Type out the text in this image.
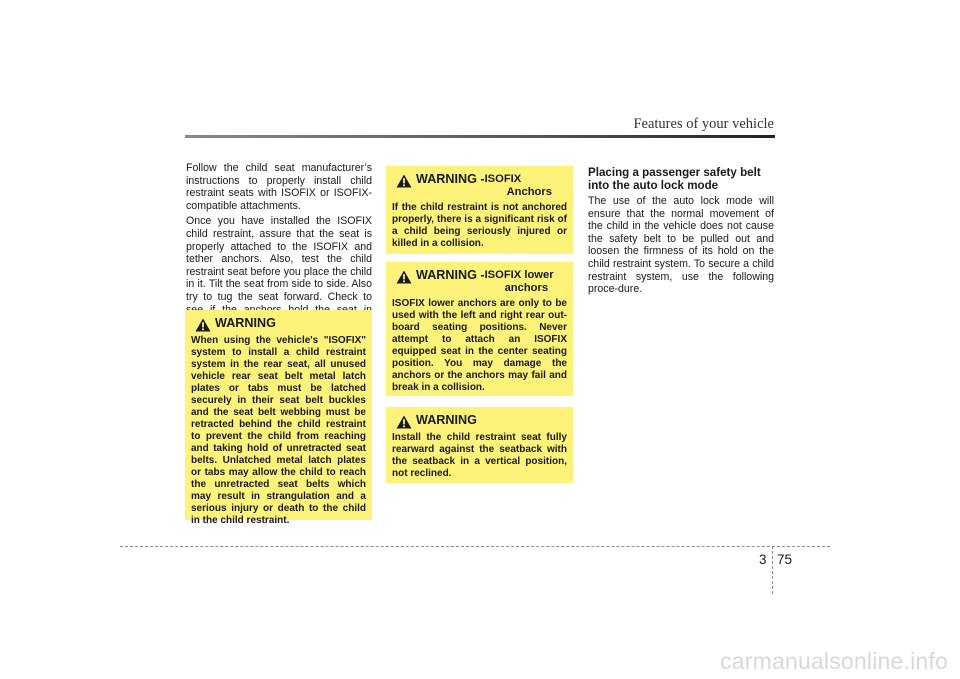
Features of your vehicle

Follow the child seat manufacturer’s instructions to properly install child restraint seats with ISOFIX or ISOFIX-compatible attachments.

Once you have installed the ISOFIX child restraint, assure that the seat is properly attached to the ISOFIX and tether anchors. Also, test the child restraint seat before you place the child in it. Tilt the seat from side to side. Also try to tug the seat forward. Check to

WARNING

When using the vehicle's "ISOFIX" system to install a child restraint system in the rear seat, all unused vehicle rear seat belt metal latch plates or tabs must be latched securely in their seat belt buckles and the seat belt webbing must be retracted behind the child restraint to prevent the child from reaching and taking hold of unretracted seat belts. Unlatched metal latch plates or tabs may allow the child to reach the unretracted seat belts which may result in strangulation and a serious injury or death to the child in the child restraint.

WARNING - ISOFIX
Anchors

If the child restraint is not anchored properly, there is a significant risk of a child being seriously injured or killed in a collision.

WARNING - ISOFIX lower
anchors

ISOFIX lower anchors are only to be used with the left and right rear out-board seating positions. Never attempt to attach an ISOFIX equipped seat in the center seating position. You may damage the anchors or the anchors may fail and break in a collision.

WARNING

Install the child restraint seat fully rearward against the seatback with the seatback in a vertical position, not reclined.

Placing a passenger safety belt into the auto lock mode

The use of the auto lock mode will ensure that the normal movement of the child in the vehicle does not cause the safety belt to be pulled out and loosen the firmness of its hold on the child restraint system. To secure a child restraint system, use the following proce-dure.

3 75
carmanualsonline.info
